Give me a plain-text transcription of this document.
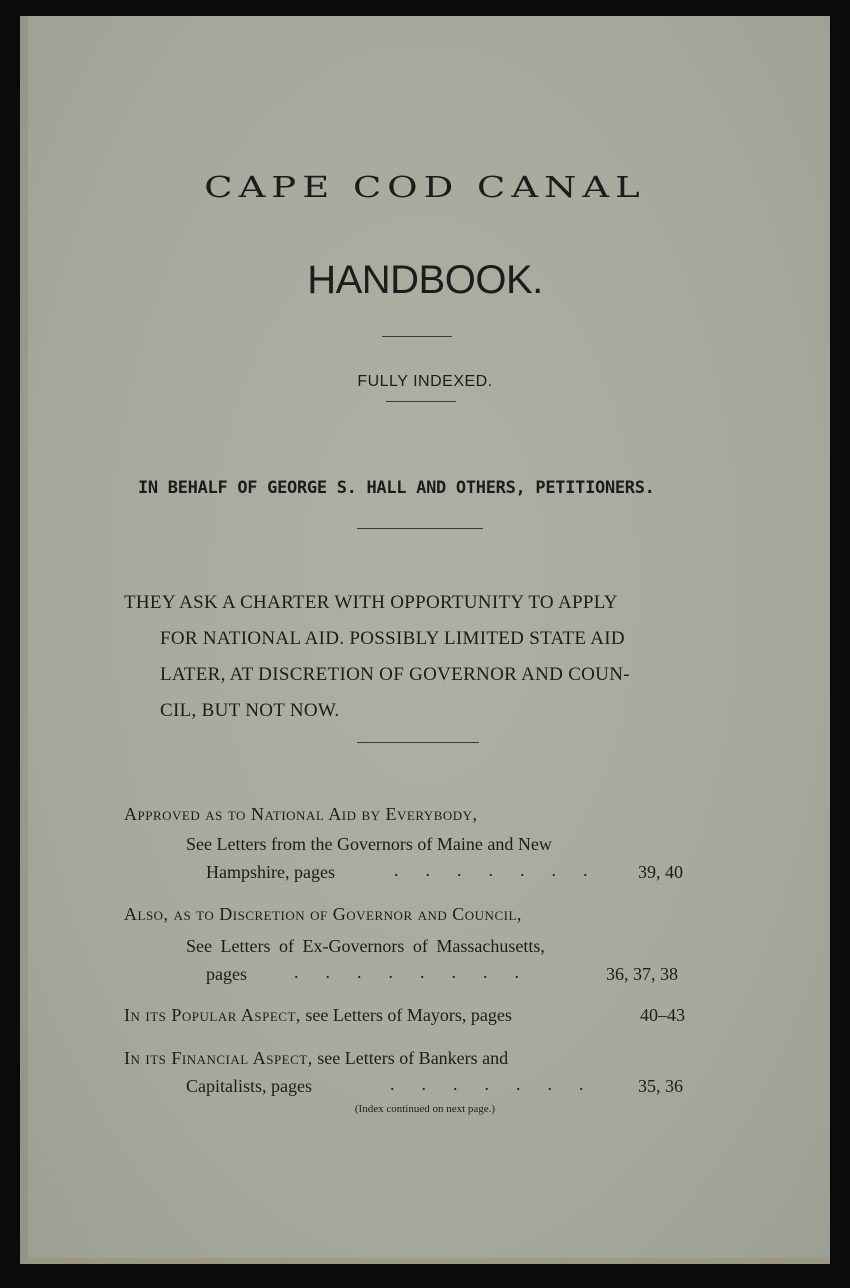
CAPE COD CANAL
HANDBOOK.
FULLY INDEXED.
IN BEHALF OF GEORGE S. HALL AND OTHERS, PETITIONERS.
THEY ASK A CHARTER WITH OPPORTUNITY TO APPLY
FOR NATIONAL AID. POSSIBLY LIMITED STATE AID
LATER, AT DISCRETION OF GOVERNOR AND COUN-
CIL, BUT NOT NOW.
Approved as to National Aid by Everybody,
See Letters from the Governors of Maine and New
Hampshire, pages	.      .      .      .      .      .      .	39, 40
Also, as to Discretion of Governor and Council,
See Letters of Ex-Governors of Massachusetts,
pages	.      .      .      .      .      .      .      .	36, 37, 38
In its Popular Aspect, see Letters of Mayors, pages	40–43
In its Financial Aspect, see Letters of Bankers and
Capitalists, pages	.      .      .      .      .      .      .	35, 36
(Index continued on next page.)
